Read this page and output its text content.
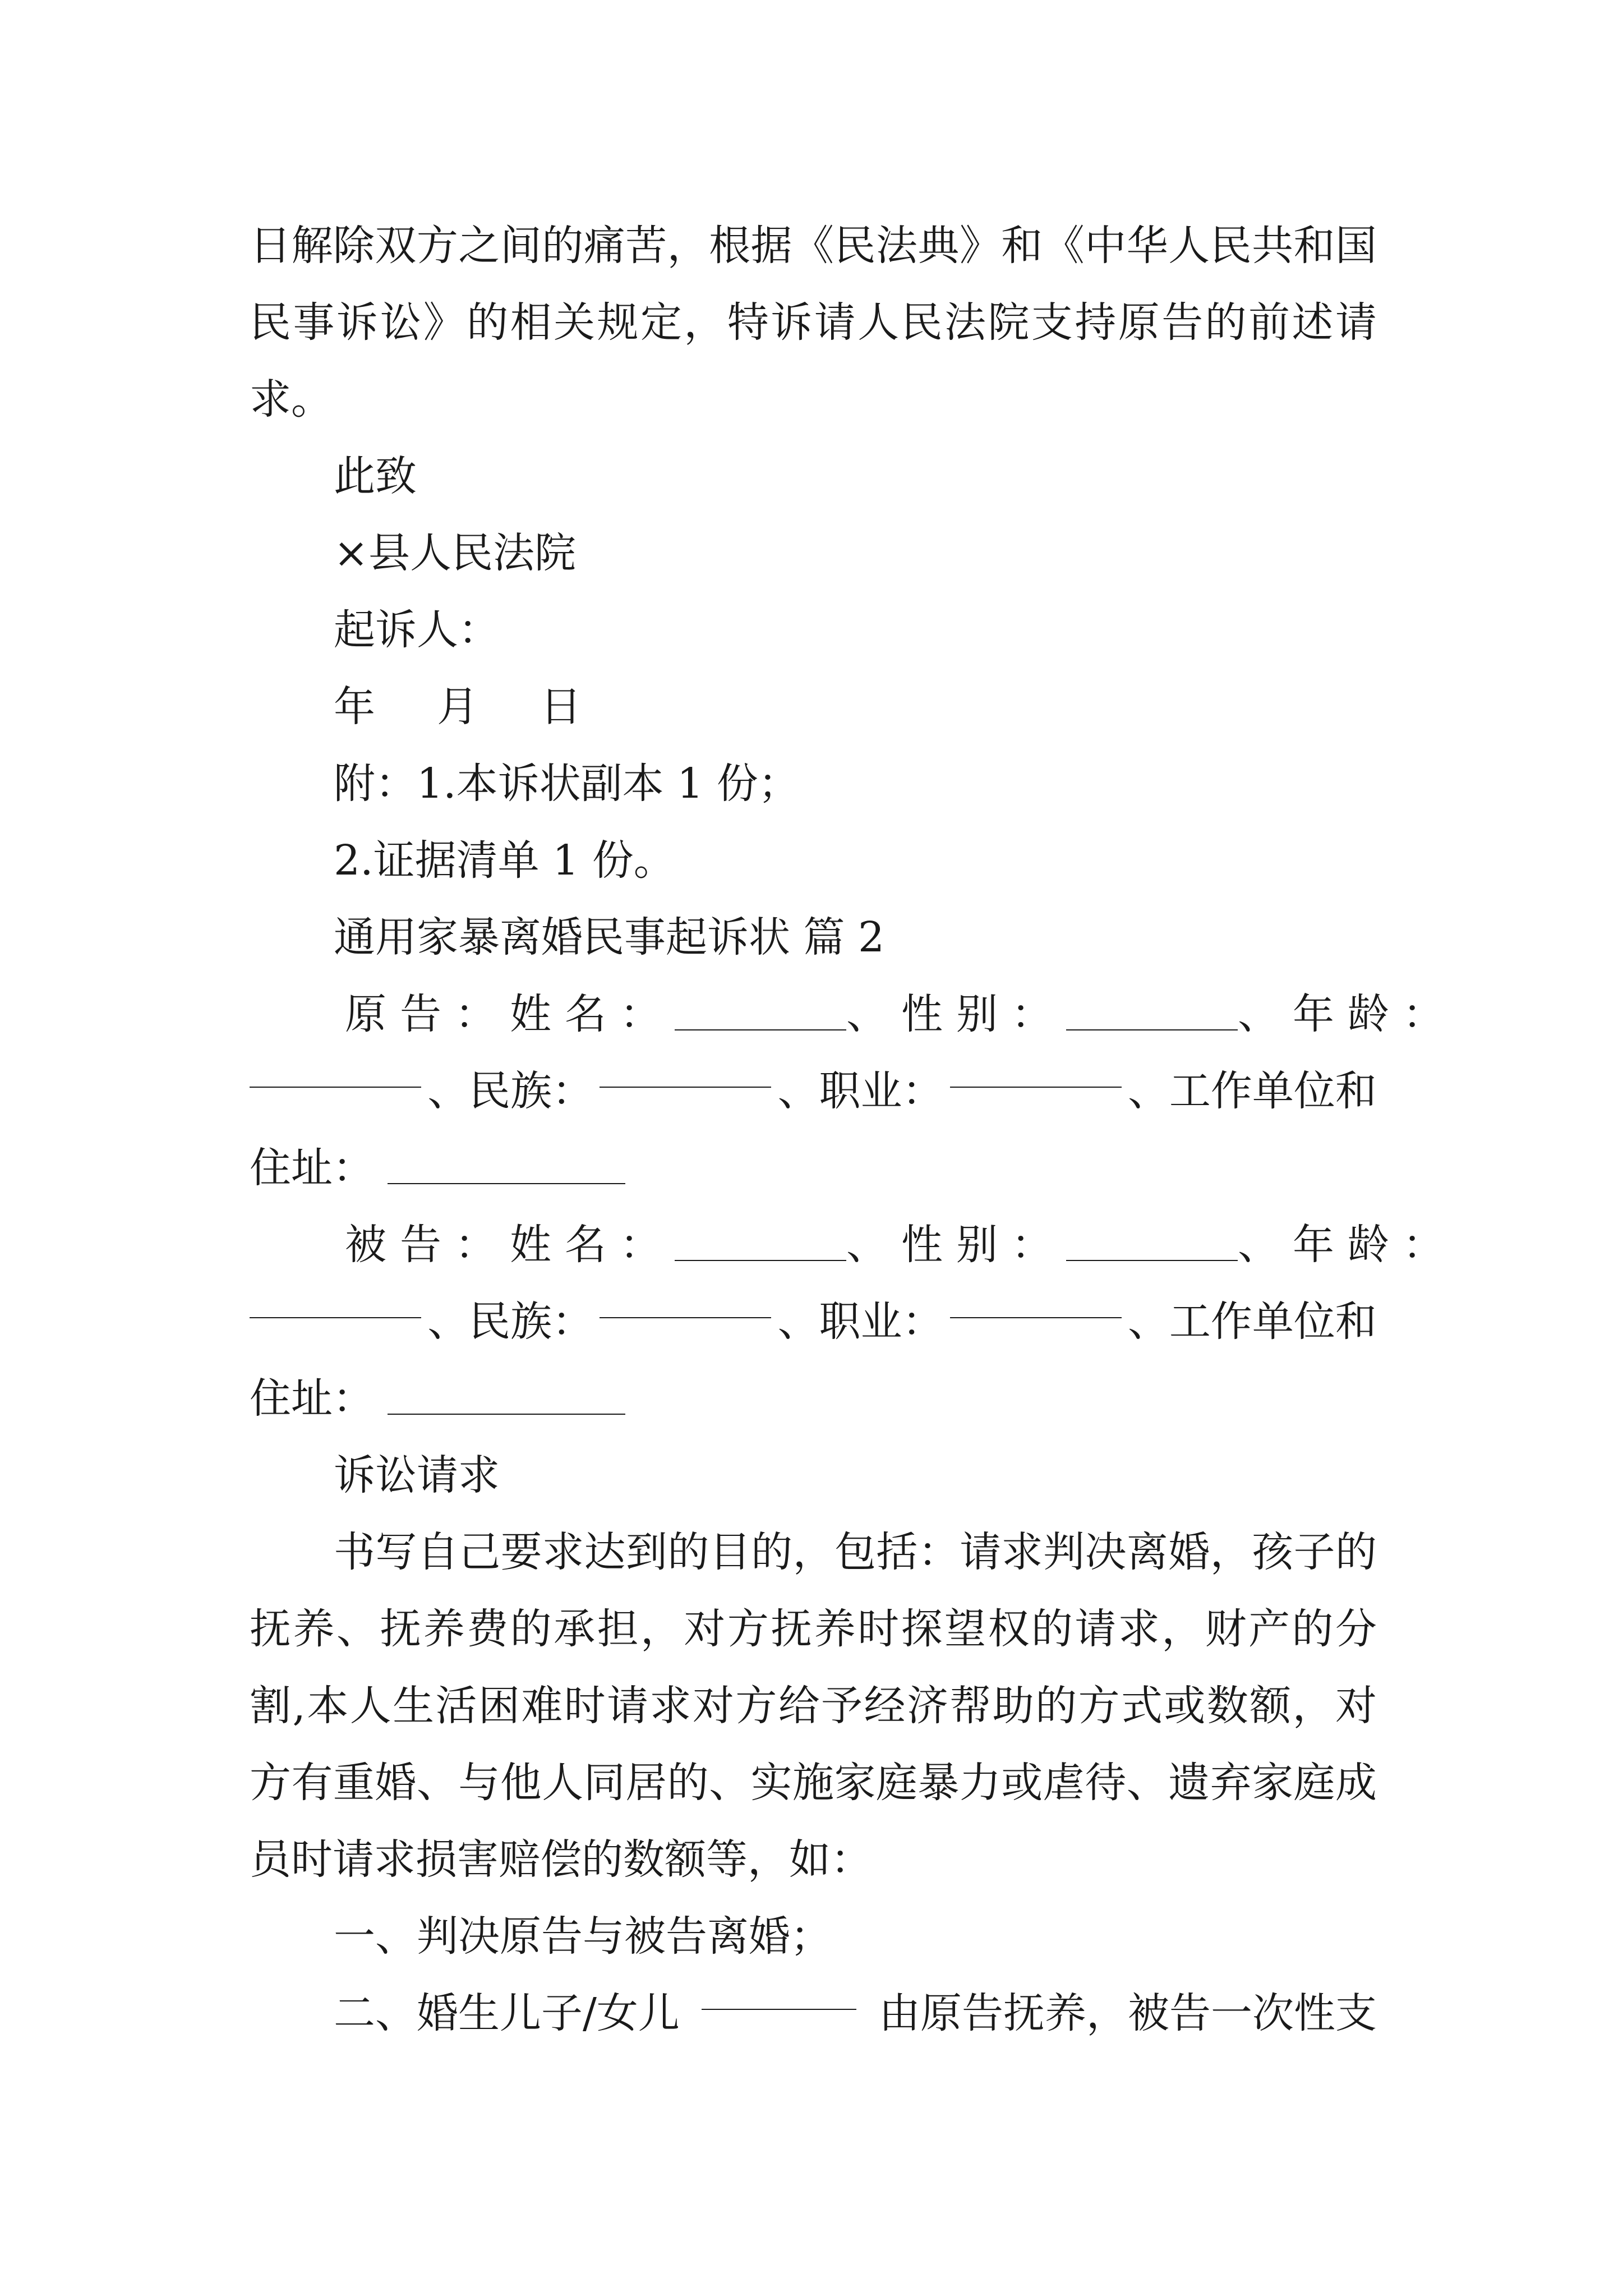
日解除双方之间的痛苦，根据《民法典》和《中华人民共和国民事诉讼》的相关规定，特诉请人民法院支持原告的前述请求。

此致
×县人民法院
起诉人：
年　月　日
附：1.本诉状副本 1 份；
2.证据清单 1 份。
通用家暴离婚民事起诉状 篇 2
原告：姓名：	、性别：	、年龄：
、民族：	、职业：	、工作单位和
住址：
被告：姓名：	、性别：	、年龄：
、民族：	、职业：	、工作单位和
住址：
诉讼请求

书写自己要求达到的目的，包括：请求判决离婚，孩子的抚养、抚养费的承担，对方抚养时探望权的请求，财产的分割,本人生活困难时请求对方给予经济帮助的方式或数额，对方有重婚、与他人同居的、实施家庭暴力或虐待、遗弃家庭成员时请求损害赔偿的数额等，如：

一、判决原告与被告离婚；
二、婚生儿子/女儿	由原告抚养，被告一次性支
